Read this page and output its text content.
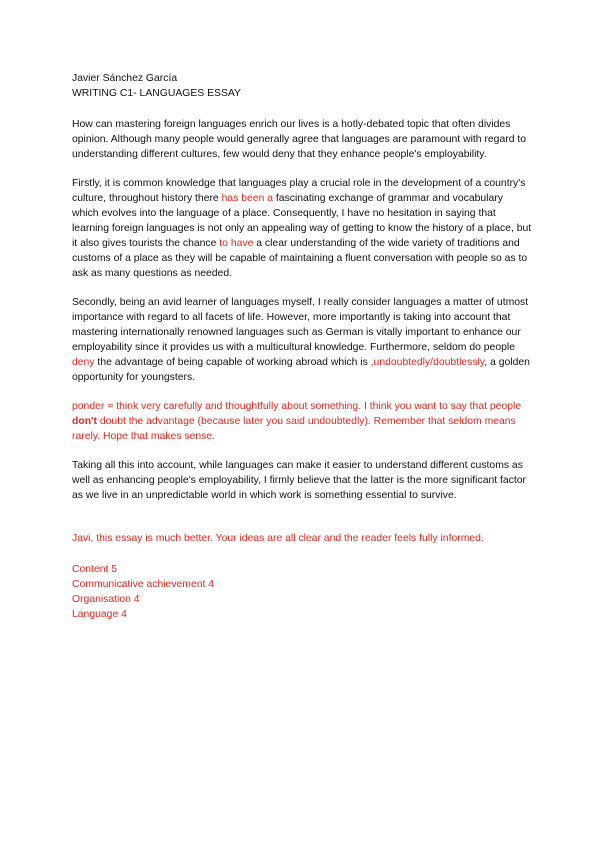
Javier Sánchez García

WRITING C1- LANGUAGES ESSAY

How can mastering foreign languages enrich our lives is a hotly-debated topic that often divides opinion. Although many people would generally agree that languages are paramount with regard to understanding different cultures, few would deny that they enhance people's employability.

Firstly, it is common knowledge that languages play a crucial role in the development of a country's culture, throughout history there has been a fascinating exchange of grammar and vocabulary which evolves into the language of a place. Consequently, I have no hesitation in saying that learning foreign languages is not only an appealing way of getting to know the history of a place, but it also gives tourists the chance to have a clear understanding of the wide variety of traditions and customs of a place as they will be capable of maintaining a fluent conversation with people so as to ask as many questions as needed.

Secondly, being an avid learner of languages myself, I really consider languages a matter of utmost importance with regard to all facets of life. However, more importantly is taking into account that mastering internationally renowned languages such as German is vitally important to enhance our employability since it provides us with a multicultural knowledge. Furthermore, seldom do people deny the advantage of being capable of working abroad which is ,undoubtedly/doubtlessly, a golden opportunity for youngsters.

ponder = think very carefully and thoughtfully about something. I think you want to say that people don't doubt the advantage (because later you said undoubtedly). Remember that seldom means rarely. Hope that makes sense.

Taking all this into account, while languages can make it easier to understand different customs as well as enhancing people's employability, I firmly believe that the latter is the more significant factor as we live in an unpredictable world in which work is something essential to survive.

Javi, this essay is much better. Your ideas are all clear and the reader feels fully informed.

Content 5

Communicative achievement 4

Organisation 4

Language 4
